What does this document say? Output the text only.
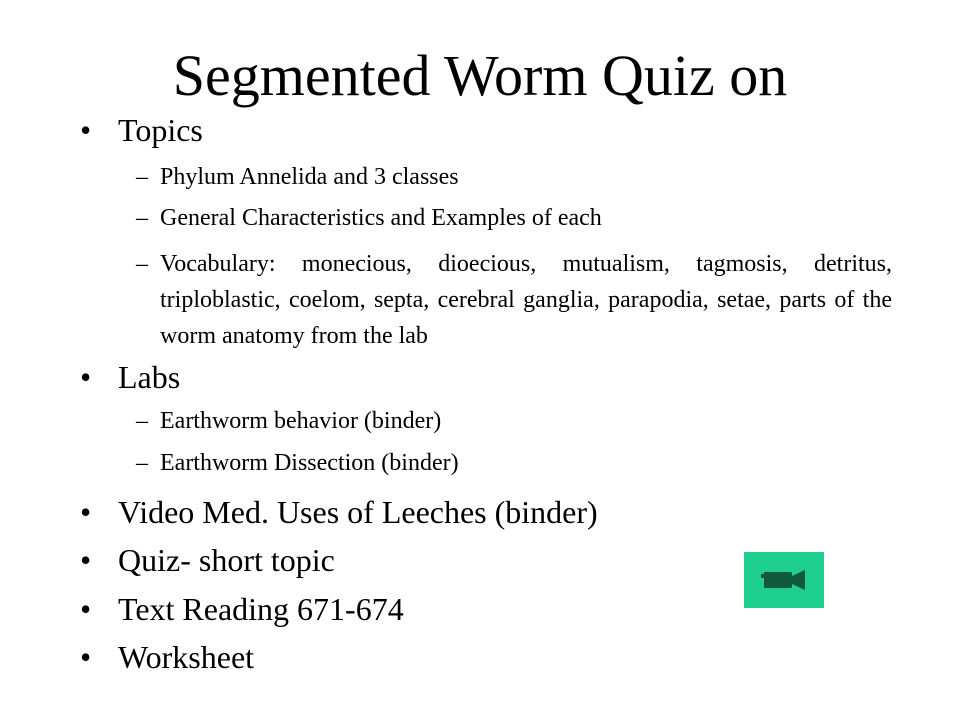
Segmented Worm Quiz on
• Topics
– Phylum Annelida and 3 classes
– General Characteristics and Examples of each
– Vocabulary: monecious, dioecious, mutualism, tagmosis, detritus, triploblastic, coelom, septa, cerebral ganglia, parapodia, setae, parts of the worm anatomy from the lab
• Labs
– Earthworm behavior (binder)
– Earthworm Dissection (binder)
• Video Med. Uses of Leeches (binder)
• Quiz- short topic
• Text Reading 671-674
• Worksheet
